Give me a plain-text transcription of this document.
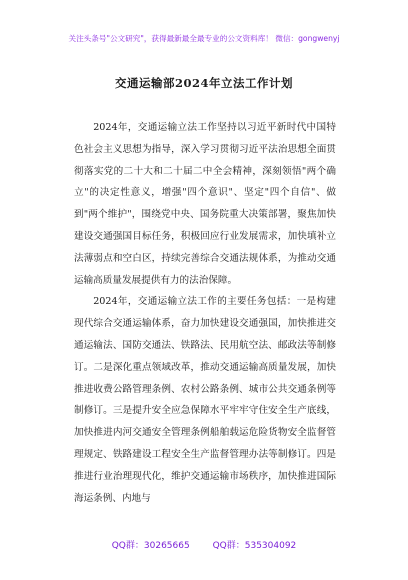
关注头条号"公文研究"，获得最新最全最专业的公文资料库！ 微信：gongwenyj
交通运输部2024年立法工作计划

2024年，交通运输立法工作坚持以习近平新时代中国特色社会主义思想为指导，深入学习贯彻习近平法治思想全面贯彻落实党的二十大和二十届二中全会精神，深刻领悟"两个确立"的决定性意义，增强"四个意识"、坚定"四个自信"、做到"两个维护"，围绕党中央、国务院重大决策部署，聚焦加快建设交通强国目标任务，积极回应行业发展需求，加快填补立法薄弱点和空白区，持续完善综合交通法规体系，为推动交通运输高质量发展提供有力的法治保障。

2024年，交通运输立法工作的主要任务包括：一是构建现代综合交通运输体系，奋力加快建设交通强国，加快推进交通运输法、国防交通法、铁路法、民用航空法、邮政法等制修订。二是深化重点领域改革，推动交通运输高质量发展，加快推进收费公路管理条例、农村公路条例、城市公共交通条例等制修订。三是提升安全应急保障水平牢牢守住安全生产底线，加快推进内河交通安全管理条例船舶载运危险货物安全监督管理规定、铁路建设工程安全生产监督管理办法等制修订。四是推进行业治理现代化，维护交通运输市场秩序，加快推进国际海运条例、内地与

QQ群：30265665	QQ群：535304092
